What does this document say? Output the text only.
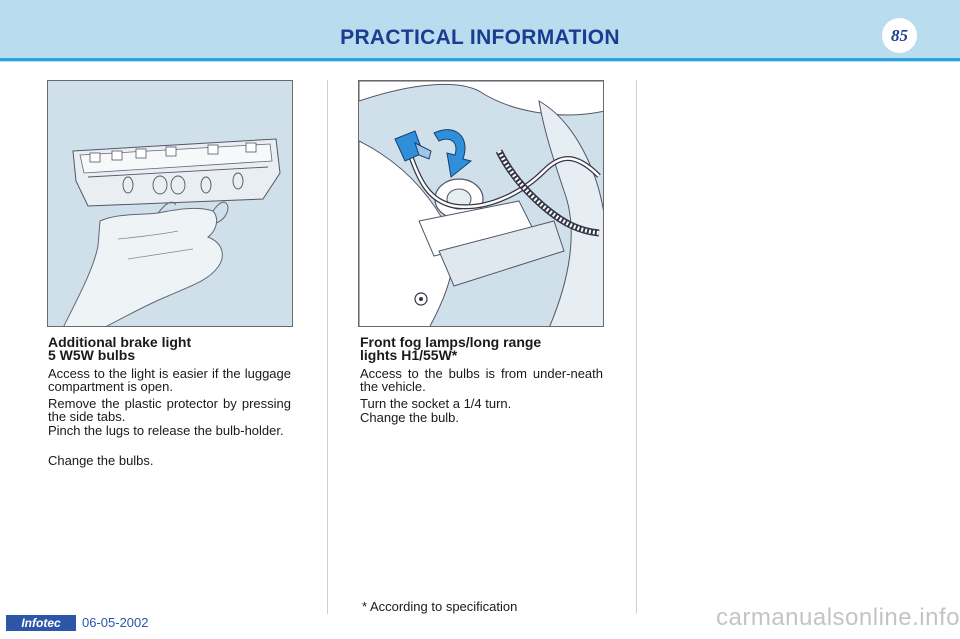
PRACTICAL INFORMATION	85
Additional brake light
5 W5W bulbs
Access to the light is easier if the luggage compartment is open.
Remove the plastic protector by pressing the side tabs.
Pinch the lugs to release the bulb-holder.
Change the bulbs.
Front fog lamps/long range
lights H1/55W*
Access to the bulbs is from under-neath the vehicle.
Turn the socket a 1/4 turn.
Change the bulb.
* According to specification
Infotec	06-05-2002	carmanualsonline.info
